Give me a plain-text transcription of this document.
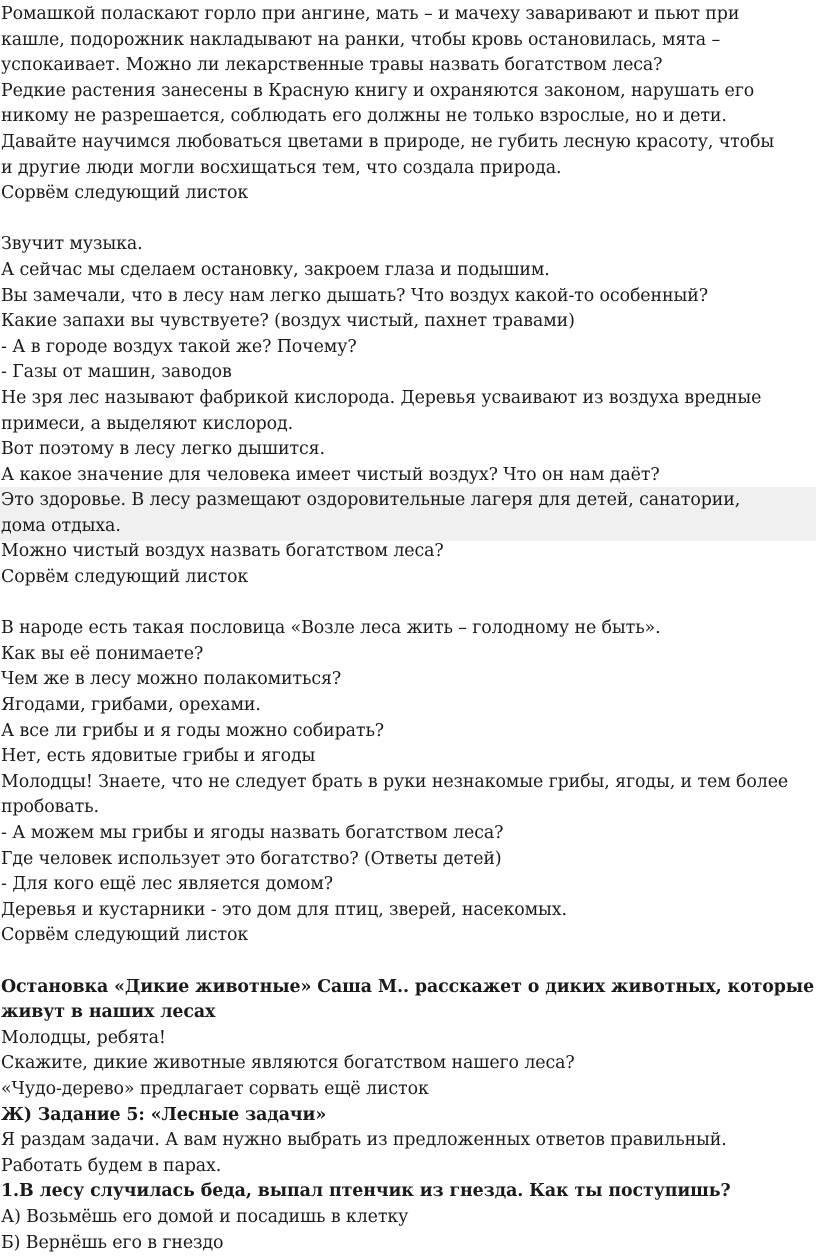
Ромашкой поласкают горло при ангине, мать – и мачеху заваривают и пьют при
кашле, подорожник накладывают на ранки, чтобы кровь остановилась, мята –
успокаивает. Можно ли лекарственные травы назвать богатством леса?
Редкие растения занесены в Красную книгу и охраняются законом, нарушать его
никому не разрешается, соблюдать его должны не только взрослые, но и дети.
Давайте научимся любоваться цветами в природе, не губить лесную красоту, чтобы
и другие люди могли восхищаться тем, что создала природа.
Сорвём следующий листок
Звучит музыка.
А сейчас мы сделаем остановку, закроем глаза и подышим.
Вы замечали, что в лесу нам легко дышать? Что воздух какой-то особенный?
Какие запахи вы чувствуете? (воздух чистый, пахнет травами)
- А в городе воздух такой же? Почему?
- Газы от машин, заводов
Не зря лес называют фабрикой кислорода. Деревья усваивают из воздуха вредные
примеси, а выделяют кислород.
Вот поэтому в лесу легко дышится.
А какое значение для человека имеет чистый воздух? Что он нам даёт?
Это здоровье. В лесу размещают оздоровительные лагеря для детей, санатории,
дома отдыха.
Можно чистый воздух назвать богатством леса?
Сорвём следующий листок
В народе есть такая пословица «Возле леса жить – голодному не быть».
Как вы её понимаете?
Чем же в лесу можно полакомиться?
Ягодами, грибами, орехами.
А все ли грибы и я годы можно собирать?
Нет, есть ядовитые грибы и ягоды
Молодцы! Знаете, что не следует брать в руки незнакомые грибы, ягоды, и тем более
пробовать.
- А можем мы грибы и ягоды назвать богатством леса?
Где человек использует это богатство? (Ответы детей)
- Для кого ещё лес является домом?
Деревья и кустарники - это дом для птиц, зверей, насекомых.
Сорвём следующий листок
Остановка «Дикие животные» Саша М.. расскажет о диких животных, которые
живут в наших лесах
Молодцы, ребята!
Скажите, дикие животные являются богатством нашего леса?
«Чудо-дерево» предлагает сорвать ещё листок
Ж) Задание 5: «Лесные задачи»
Я раздам задачи. А вам нужно выбрать из предложенных ответов правильный.
Работать будем в парах.
1.В лесу случилась беда, выпал птенчик из гнезда. Как ты поступишь?
А) Возьмёшь его домой и посадишь в клетку
Б) Вернёшь его в гнездо
